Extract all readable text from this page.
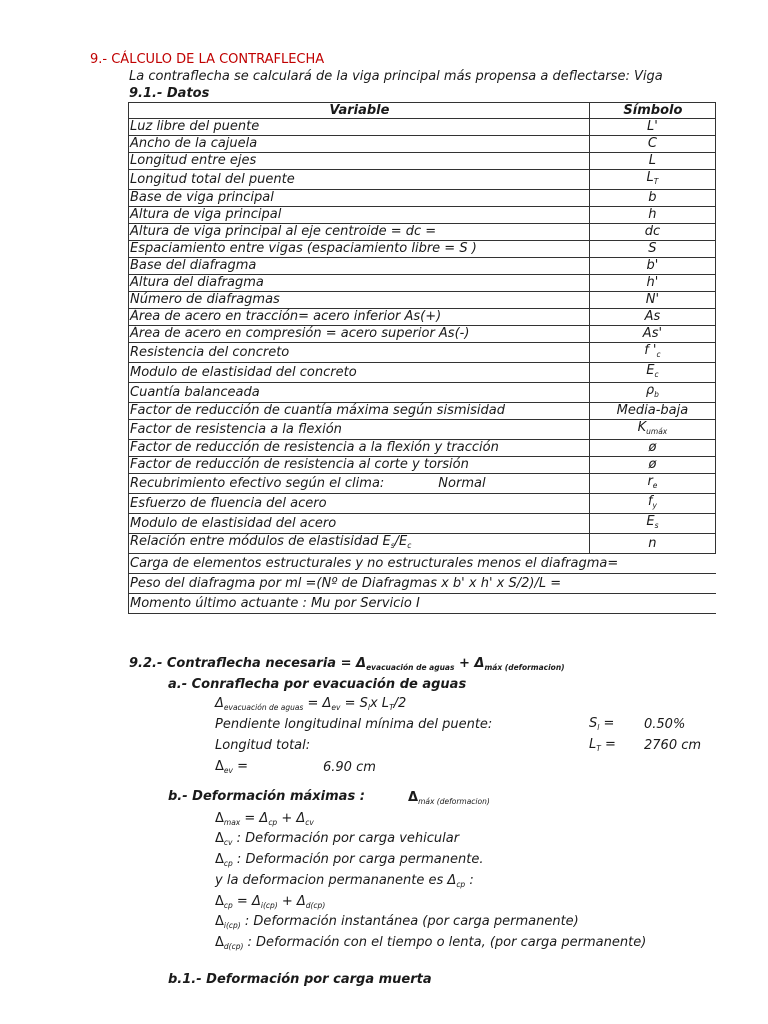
9.- CÁLCULO DE LA CONTRAFLECHA
La contraflecha se calculará de la viga principal más propensa a deflectarse: Viga
9.1.- Datos
Variable	Símbolo
Luz libre del puente	L'
Ancho de la cajuela	C
Longitud entre ejes	L
Longitud total del puente	$L_T$
Base de viga principal	b
Altura de viga principal	h
Altura de viga principal al eje centroide = dc =	dc
Espaciamiento entre vigas (espaciamiento libre = S )	S
Base del diafragma	b'
Altura del diafragma	h'
Número de diafragmas	N'
Área de acero en tracción= acero inferior As(+)	As
Área de acero en compresión = acero superior As(-)	As'
Resistencia del concreto	f '$_c$
Modulo de elastisidad del concreto	$E_c$
Cuantía balanceada	$\rho_b$
Factor de reducción de cuantía máxima según sismisidad	Media-baja
Factor de resistencia a la flexión	$K_{umáx}$
Factor de reducción de resistencia a la flexión y tracción	ø
Factor de reducción de resistencia al corte y torsión	ø
Recubrimiento efectivo según el clima: Normal	$r_e$
Esfuerzo de fluencia del acero	$f_y$
Modulo de elastisidad del acero	$E_s$
Relación entre módulos de elastisidad $E_s/E_c$	n
Carga de elementos estructurales y no estructurales menos el diafragma=	
Peso del diafragma por ml =(Nº de Diafragmas x b' x h' x S/2)/L =	
Momento último actuante : Mu por Servicio I	
9.2.- Contraflecha necesaria = $\Delta_{evacuación de aguas} + \Delta_{máx (deformacion)}$
a.- Conraflecha por evacuación de aguas
$\Delta_{evacuación de aguas} = \Delta_{ev} = S_lx$ $L_T/2$
Pendiente longitudinal mínima del puente:	$S_l = 0.50\%$
Longitud total:	$L_T = 2760$ cm
$\Delta_{ev}$ =	6.90 cm
b.- Deformación máximas :	$\Delta_{máx (deformacion)}$
$\Delta_{max} = \Delta_{cp} + \Delta_{cv}$
$\Delta_{cv}$ : Deformación por carga vehicular
$\Delta_{cp}$ : Deformación por carga permanente.
y la deformacion permananente es $\Delta_{cp}$ :
$\Delta_{cp} = \Delta_{i(cp)} + \Delta_{d(cp)}$
$\Delta_{i(cp)}$ : Deformación instantánea (por carga permanente)
$\Delta_{d(cp)}$ : Deformación con el tiempo o lenta, (por carga permanente)
b.1.- Deformación por carga muerta
